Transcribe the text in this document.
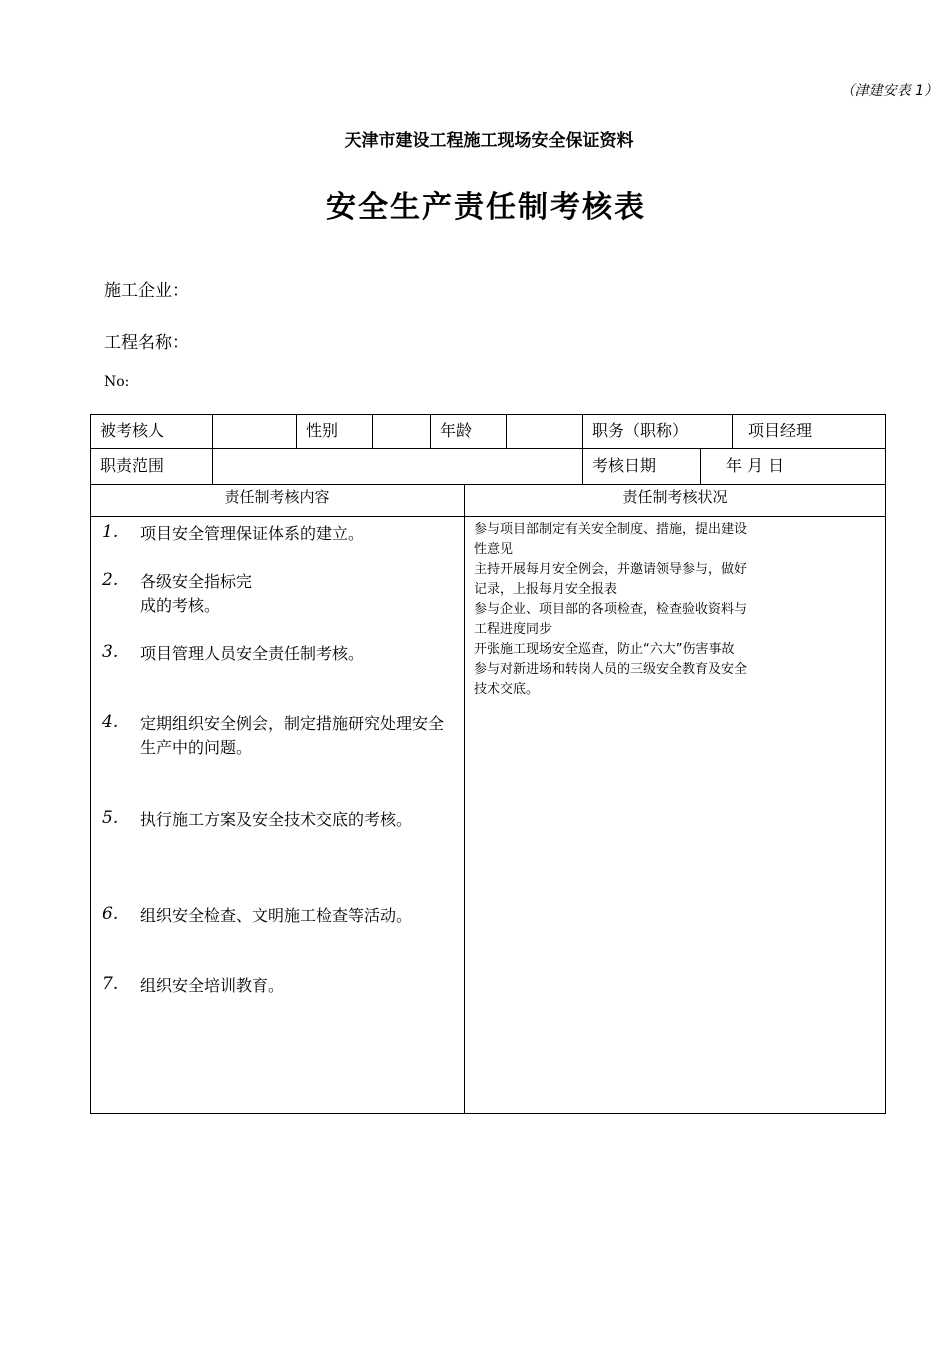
（津建安表 1）
天津市建设工程施工现场安全保证资料
安全生产责任制考核表
施工企业：
工程名称：
No:
被考核人	性别	年龄	职务（职称）	项目经理
职责范围	考核日期	年 月 日
责任制考核内容	责任制考核状况
1. 项目安全管理保证体系的建立。
2. 各级安全指标完
成的考核。
3. 项目管理人员安全责任制考核。
4. 定期组织安全例会，制定措施研究处理安全生产中的问题。
5. 执行施工方案及安全技术交底的考核。
6. 组织安全检查、文明施工检查等活动。
7. 组织安全培训教育。
参与项目部制定有关安全制度、措施，提出建设
性意见
主持开展每月安全例会，并邀请领导参与，做好
记录，上报每月安全报表
参与企业、项目部的各项检查，检查验收资料与
工程进度同步
开张施工现场安全巡查，防止“六大”伤害事故
参与对新进场和转岗人员的三级安全教育及安全
技术交底。
